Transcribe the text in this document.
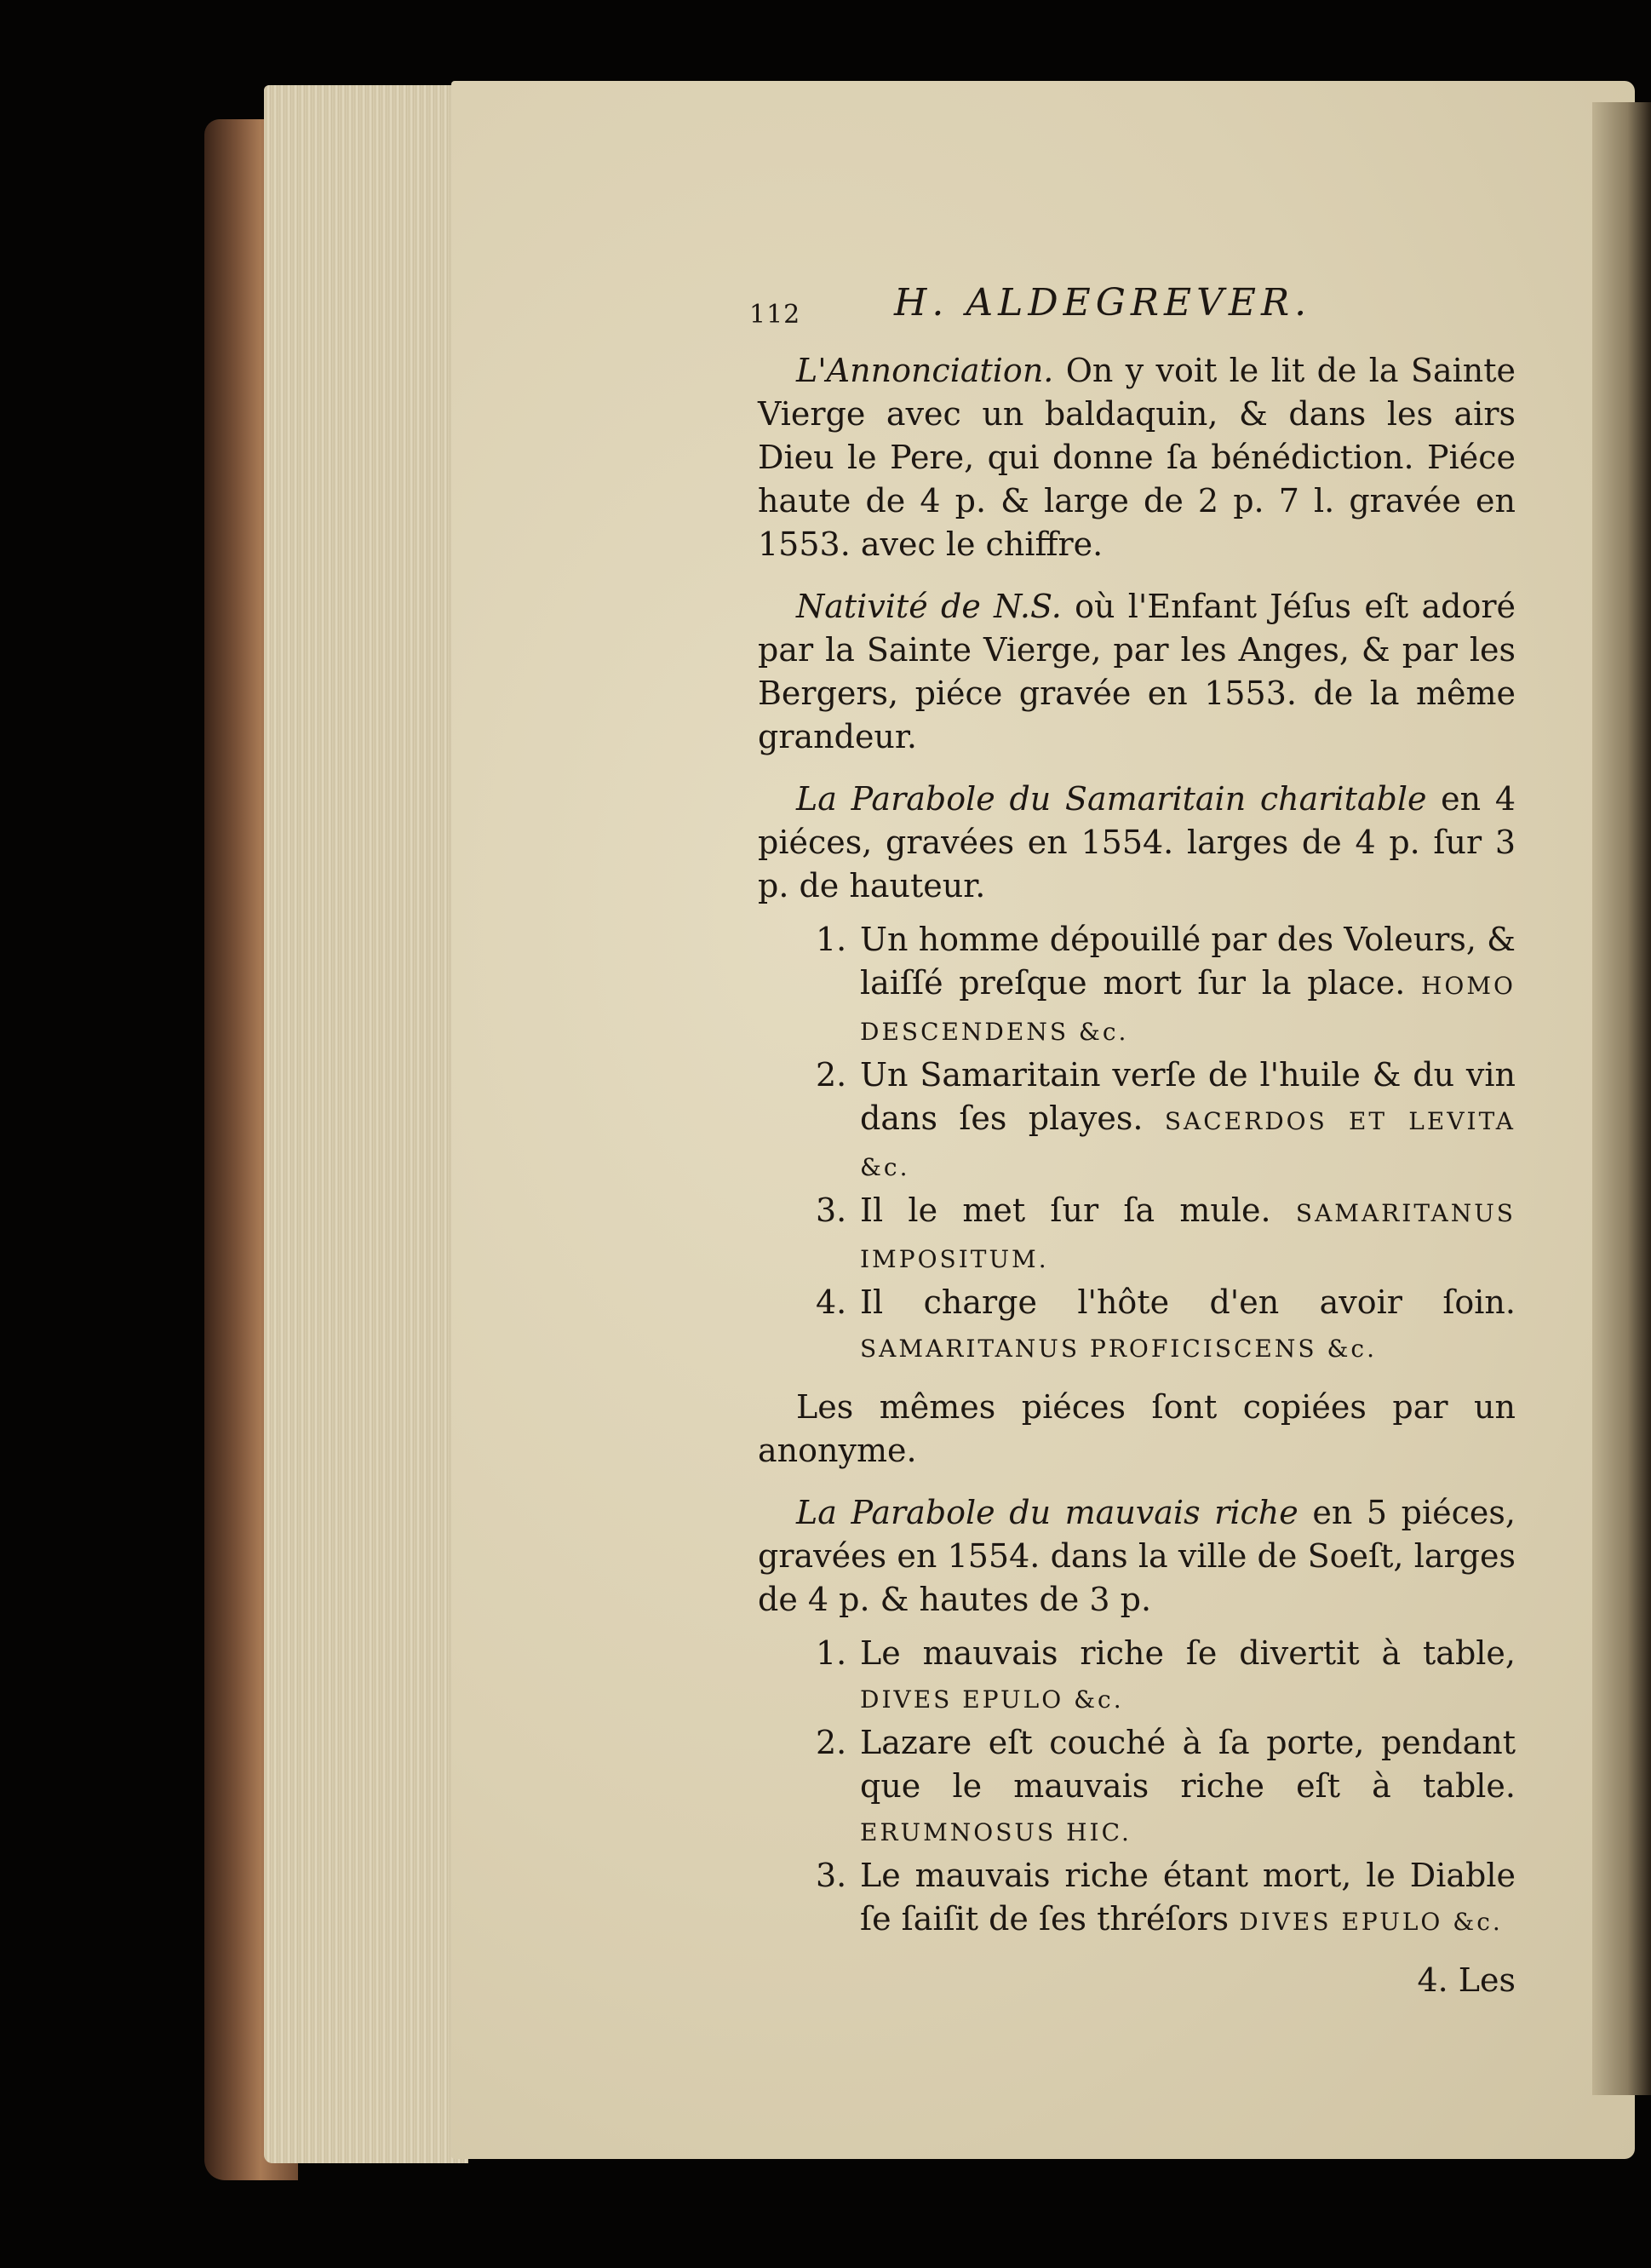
112 H. ALDEGREVER.

L'Annonciation. On y voit le lit de la Sainte Vierge avec un baldaquin, & dans les airs Dieu le Pere, qui donne ſa bénédiction. Piéce haute de 4 p. & large de 2 p. 7 l. gravée en 1553. avec le chiffre.

Nativité de N.S. où l'Enfant Jéſus eſt adoré par la Sainte Vierge, par les Anges, & par les Bergers, piéce gravée en 1553. de la même grandeur.

La Parabole du Samaritain charitable en 4 piéces, gravées en 1554. larges de 4 p. ſur 3 p. de hauteur.

1. Un homme dépouillé par des Voleurs, & laiſſé preſque mort ſur la place. HOMO DESCENDENS &c.
2. Un Samaritain verſe de l'huile & du vin dans ſes playes. SACERDOS ET LEVITA &c.
3. Il le met ſur ſa mule. SAMARITANUS IMPOSITUM.
4. Il charge l'hôte d'en avoir ſoin. SAMARITANUS PROFICISCENS &c.

Les mêmes piéces ſont copiées par un anonyme.

La Parabole du mauvais riche en 5 piéces, gravées en 1554. dans la ville de Soeſt, larges de 4 p. & hautes de 3 p.

1. Le mauvais riche ſe divertit à table, DIVES EPULO &c.
2. Lazare eſt couché à ſa porte, pendant que le mauvais riche eſt à table. ERUMNOSUS HIC.
3. Le mauvais riche étant mort, le Diable ſe ſaiſit de ſes thréſors DIVES EPULO &c.
4. Les
